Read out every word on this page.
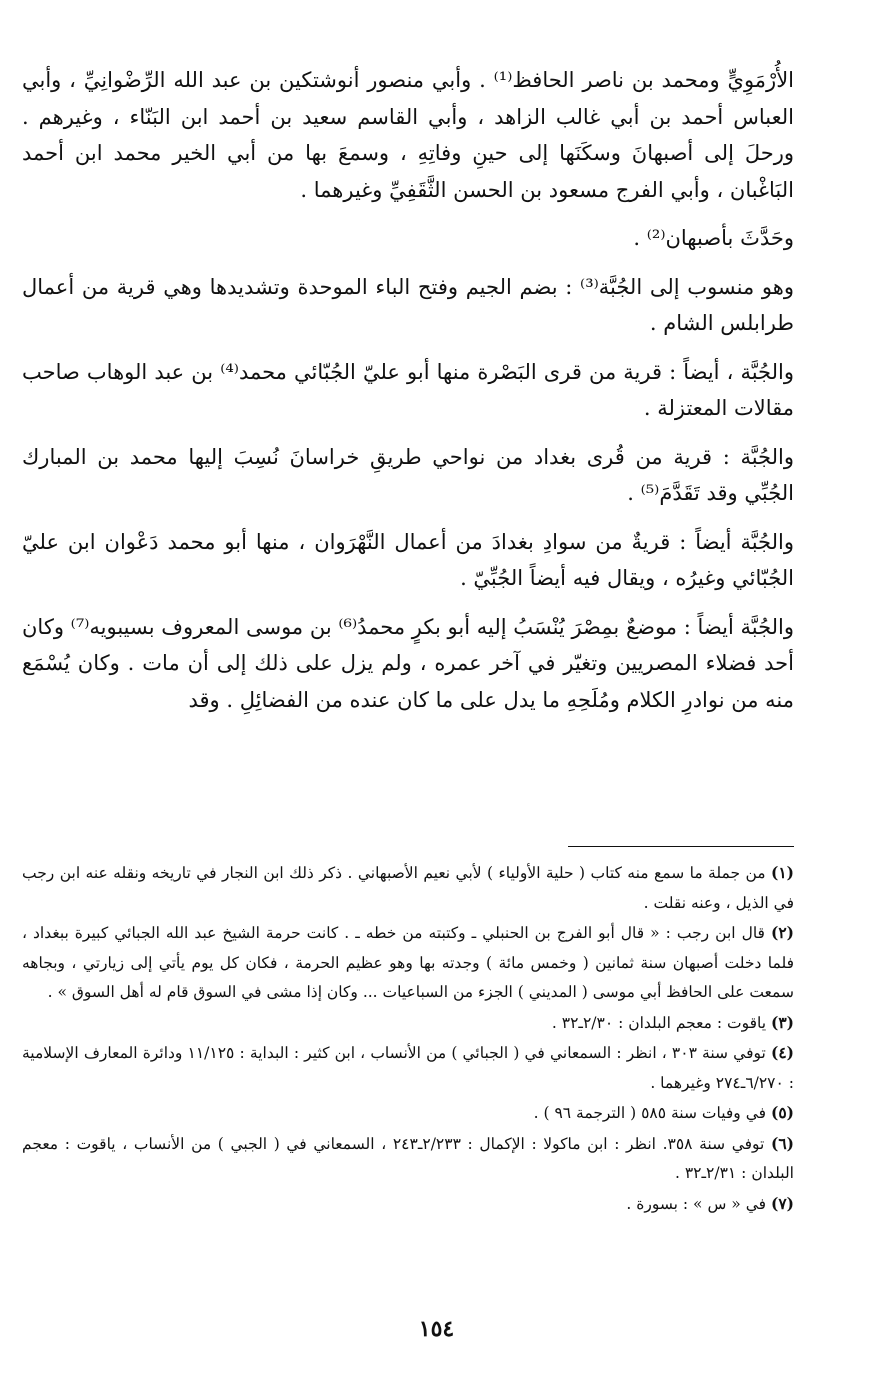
الأُرْمَوِيٍّ ومحمد بن ناصر الحافظ⁽¹⁾ . وأبي منصور أنوشتكين بن عبد الله الرِّضْوانِيِّ ، وأبي العباس أحمد بن أبي غالب الزاهد ، وأبي القاسم سعيد بن أحمد ابن البَنّاء ، وغيرهم . ورحلَ إلى أصبهانَ وسكَنَها إلى حينِ وفاتِهِ ، وسمعَ بها من أبي الخير محمد ابن أحمد البَاغْبان ، وأبي الفرج مسعود بن الحسن الثَّقَفِيِّ وغيرهما .

وحَدَّثَ بأصبهان⁽²⁾ .

وهو منسوب إلى الجُبَّة⁽³⁾ : بضم الجيم وفتح الباء الموحدة وتشديدها وهي قرية من أعمال طرابلس الشام .

والجُبَّة ، أيضاً : قرية من قرى البَصْرة منها أبو عليّ الجُبّائي محمد⁽⁴⁾ بن عبد الوهاب صاحب مقالات المعتزلة .

والجُبَّة : قرية من قُرى بغداد من نواحي طريقِ خراسانَ نُسِبَ إليها محمد بن المبارك الجُبِّي وقد تَقَدَّمَ⁽⁵⁾ .

والجُبَّة أيضاً : قريةٌ من سوادِ بغدادَ من أعمال النَّهْرَوان ، منها أبو محمد دَعْوان ابن عليّ الجُبّائي وغيرُه ، ويقال فيه أيضاً الجُبِّيّ .

والجُبَّة أيضاً : موضعٌ بمِصْرَ يُنْسَبُ إليه أبو بكرٍ محمدُ⁽⁶⁾ بن موسى المعروف بسيبويه⁽⁷⁾ وكان أحد فضلاء المصريين وتغيّر في آخر عمره ، ولم يزل على ذلك إلى أن مات . وكان يُسْمَع منه من نوادرِ الكلام ومُلَحِهِ ما يدل على ما كان عنده من الفضائِلِ . وقد

(١) من جملة ما سمع منه كتاب ( حلية الأولياء ) لأبي نعيم الأصبهاني . ذكر ذلك ابن النجار في تاريخه ونقله عنه ابن رجب في الذيل ، وعنه نقلت .

(٢) قال ابن رجب : « قال أبو الفرج بن الحنبلي ـ وكتبته من خطه ـ . كانت حرمة الشيخ عبد الله الجبائي كبيرة ببغداد ، فلما دخلت أصبهان سنة ثمانين ( وخمس مائة ) وجدته بها وهو عظيم الحرمة ، فكان كل يوم يأتي إلى زيارتي ، وبجاهه سمعت على الحافظ أبي موسى ( المديني ) الجزء من السباعيات ... وكان إذا مشى في السوق قام له أهل السوق » .

(٣) ياقوت : معجم البلدان : ٢/٣٠ـ٣٢ .

(٤) توفي سنة ٣٠٣ ، انظر : السمعاني في ( الجبائي ) من الأنساب ، ابن كثير : البداية : ١١/١٢٥ ودائرة المعارف الإسلامية : ٦/٢٧٠ـ٢٧٤ وغيرهما .

(٥) في وفيات سنة ٥٨٥ ( الترجمة ٩٦ ) .

(٦) توفي سنة ٣٥٨. انظر : ابن ماكولا : الإكمال : ٢/٢٣٣ـ٢٤٣ ، السمعاني في ( الجبي ) من الأنساب ، ياقوت : معجم البلدان : ٢/٣١ـ٣٢ .

(٧) في « س » : بسورة .

١٥٤
